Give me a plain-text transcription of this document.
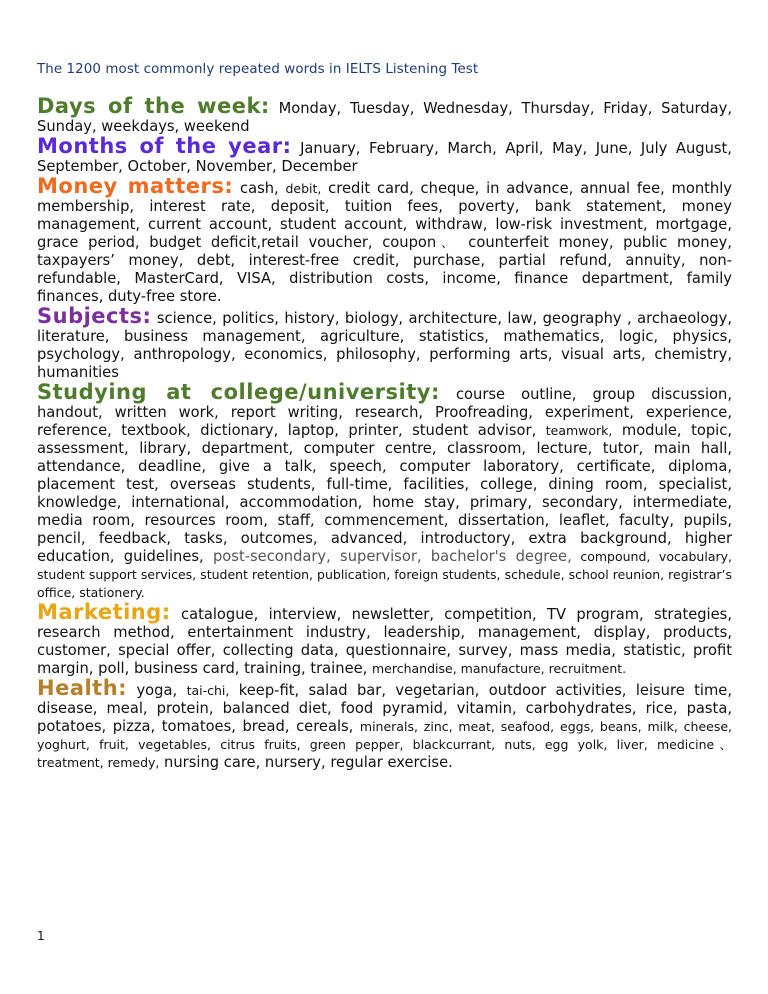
The 1200 most commonly repeated words in IELTS Listening Test

Days of the week: Monday, Tuesday, Wednesday, Thursday, Friday, Saturday, Sunday, weekdays, weekend

Months of the year: January, February, March, April, May, June, July August, September, October, November, December

Money matters: cash, debit, credit card, cheque, in advance, annual fee, monthly membership, interest rate, deposit, tuition fees, poverty, bank statement, money management, current account, student account, withdraw, low-risk investment, mortgage, grace period, budget deficit,retail voucher, coupon、 counterfeit money, public money, taxpayers’ money, debt, interest-free credit, purchase, partial refund, annuity, non-refundable, MasterCard, VISA, distribution costs, income, finance department, family finances, duty-free store.

Subjects: science, politics, history, biology, architecture, law, geography , archaeology, literature, business management, agriculture, statistics, mathematics, logic, physics, psychology, anthropology, economics, philosophy, performing arts, visual arts, chemistry, humanities

Studying at college/university: course outline, group discussion, handout, written work, report writing, research, Proofreading, experiment, experience, reference, textbook, dictionary, laptop, printer, student advisor, teamwork, module, topic, assessment, library, department, computer centre, classroom, lecture, tutor, main hall, attendance, deadline, give a talk, speech, computer laboratory, certificate, diploma, placement test, overseas students, full-time, facilities, college, dining room, specialist, knowledge, international, accommodation, home stay, primary, secondary, intermediate, media room, resources room, staff, commencement, dissertation, leaflet, faculty, pupils, pencil, feedback, tasks, outcomes, advanced, introductory, extra background, higher education, guidelines, post-secondary, supervisor, bachelor's degree, compound, vocabulary, student support services, student retention, publication, foreign students, schedule, school reunion, registrar’s office, stationery.

Marketing: catalogue, interview, newsletter, competition, TV program, strategies, research method, entertainment industry, leadership, management, display, products, customer, special offer, collecting data, questionnaire, survey, mass media, statistic, profit margin, poll, business card, training, trainee, merchandise, manufacture, recruitment.

Health: yoga, tai-chi, keep-fit, salad bar, vegetarian, outdoor activities, leisure time, disease, meal, protein, balanced diet, food pyramid, vitamin, carbohydrates, rice, pasta, potatoes, pizza, tomatoes, bread, cereals, minerals, zinc, meat, seafood, eggs, beans, milk, cheese, yoghurt, fruit, vegetables, citrus fruits, green pepper, blackcurrant, nuts, egg yolk, liver, medicine、 treatment, remedy, nursing care, nursery, regular exercise.

1
